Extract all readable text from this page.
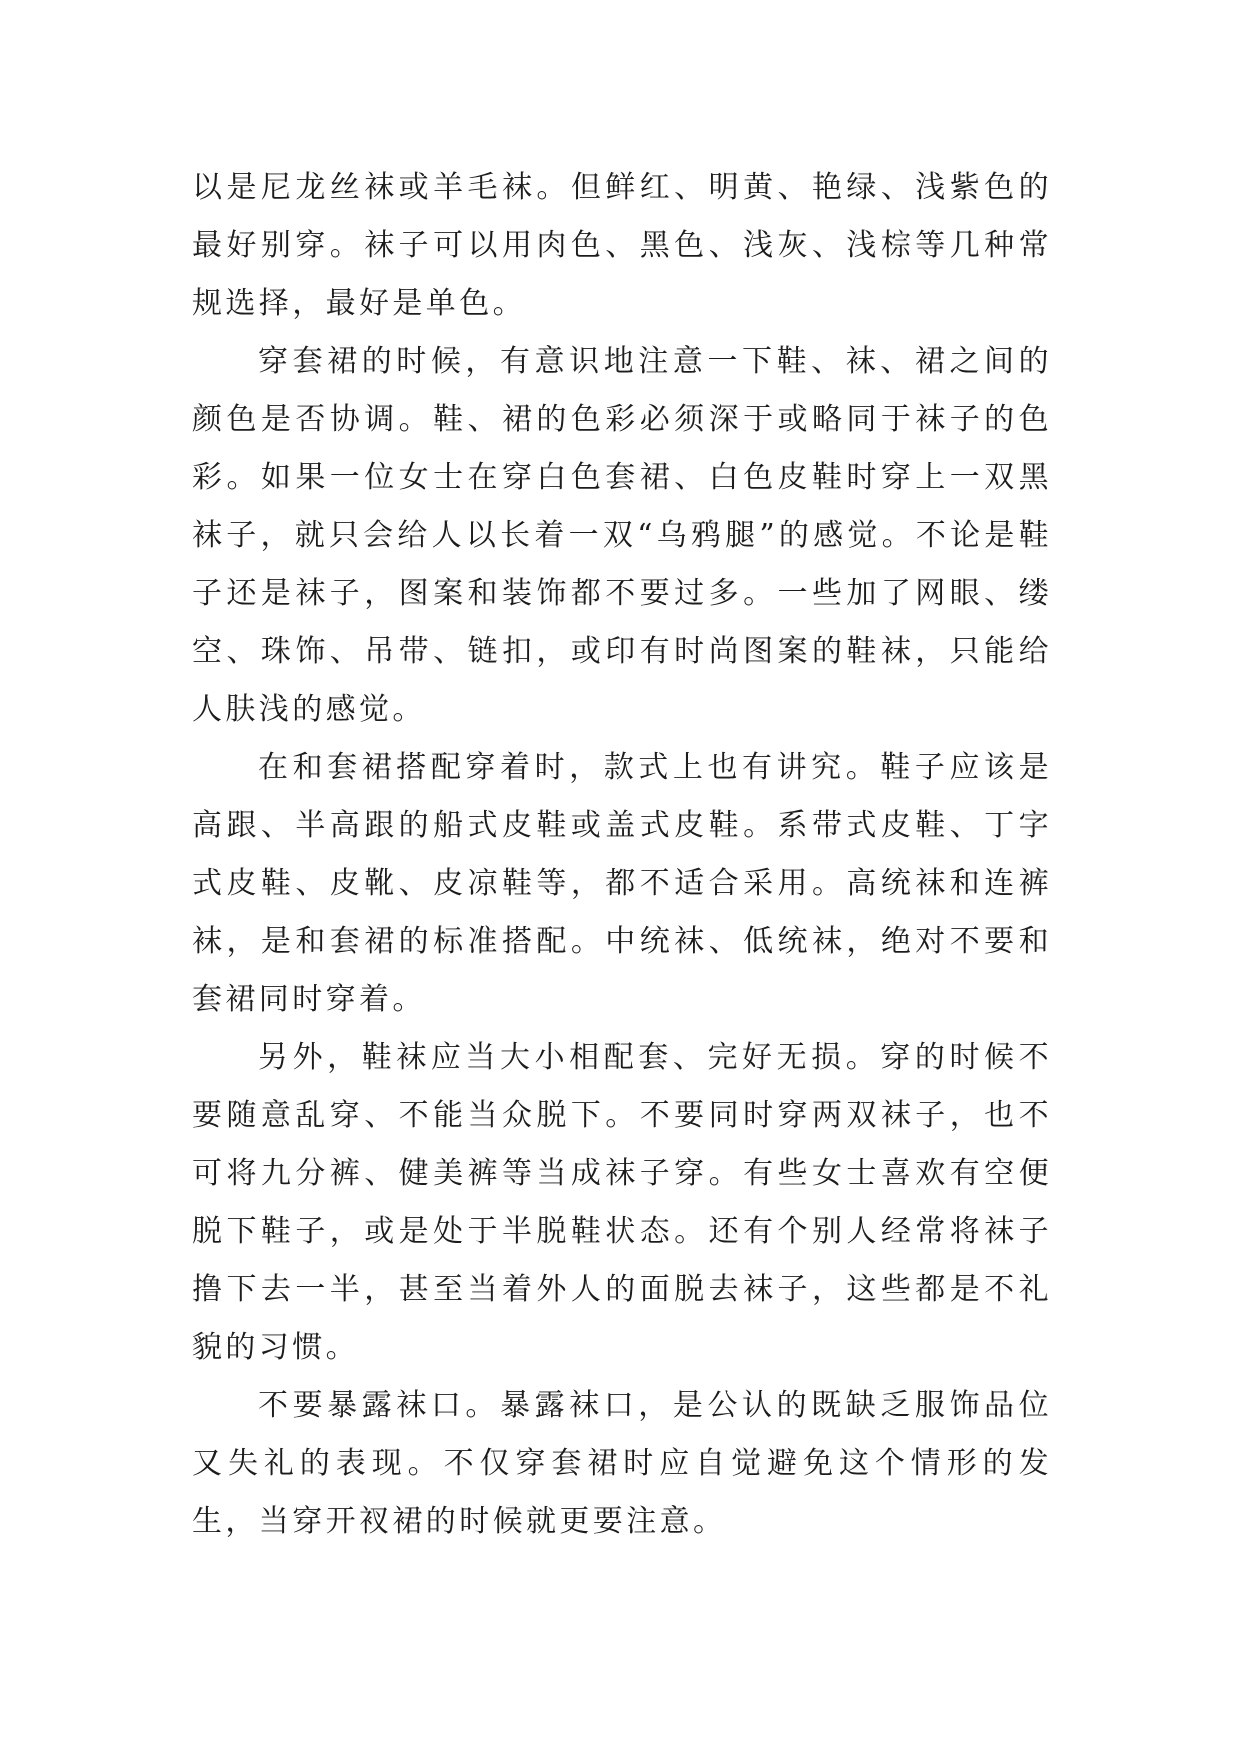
以是尼龙丝袜或羊毛袜。但鲜红、明黄、艳绿、浅紫色的最好别穿。袜子可以用肉色、黑色、浅灰、浅棕等几种常规选择，最好是单色。

穿套裙的时候，有意识地注意一下鞋、袜、裙之间的颜色是否协调。鞋、裙的色彩必须深于或略同于袜子的色彩。如果一位女士在穿白色套裙、白色皮鞋时穿上一双黑袜子，就只会给人以长着一双“乌鸦腿”的感觉。不论是鞋子还是袜子，图案和装饰都不要过多。一些加了网眼、缕空、珠饰、吊带、链扣，或印有时尚图案的鞋袜，只能给人肤浅的感觉。

在和套裙搭配穿着时，款式上也有讲究。鞋子应该是高跟、半高跟的船式皮鞋或盖式皮鞋。系带式皮鞋、丁字式皮鞋、皮靴、皮凉鞋等，都不适合采用。高统袜和连裤袜，是和套裙的标准搭配。中统袜、低统袜，绝对不要和套裙同时穿着。

另外，鞋袜应当大小相配套、完好无损。穿的时候不要随意乱穿、不能当众脱下。不要同时穿两双袜子，也不可将九分裤、健美裤等当成袜子穿。有些女士喜欢有空便脱下鞋子，或是处于半脱鞋状态。还有个别人经常将袜子撸下去一半，甚至当着外人的面脱去袜子，这些都是不礼貌的习惯。

不要暴露袜口。暴露袜口，是公认的既缺乏服饰品位又失礼的表现。不仅穿套裙时应自觉避免这个情形的发生，当穿开衩裙的时候就更要注意。
